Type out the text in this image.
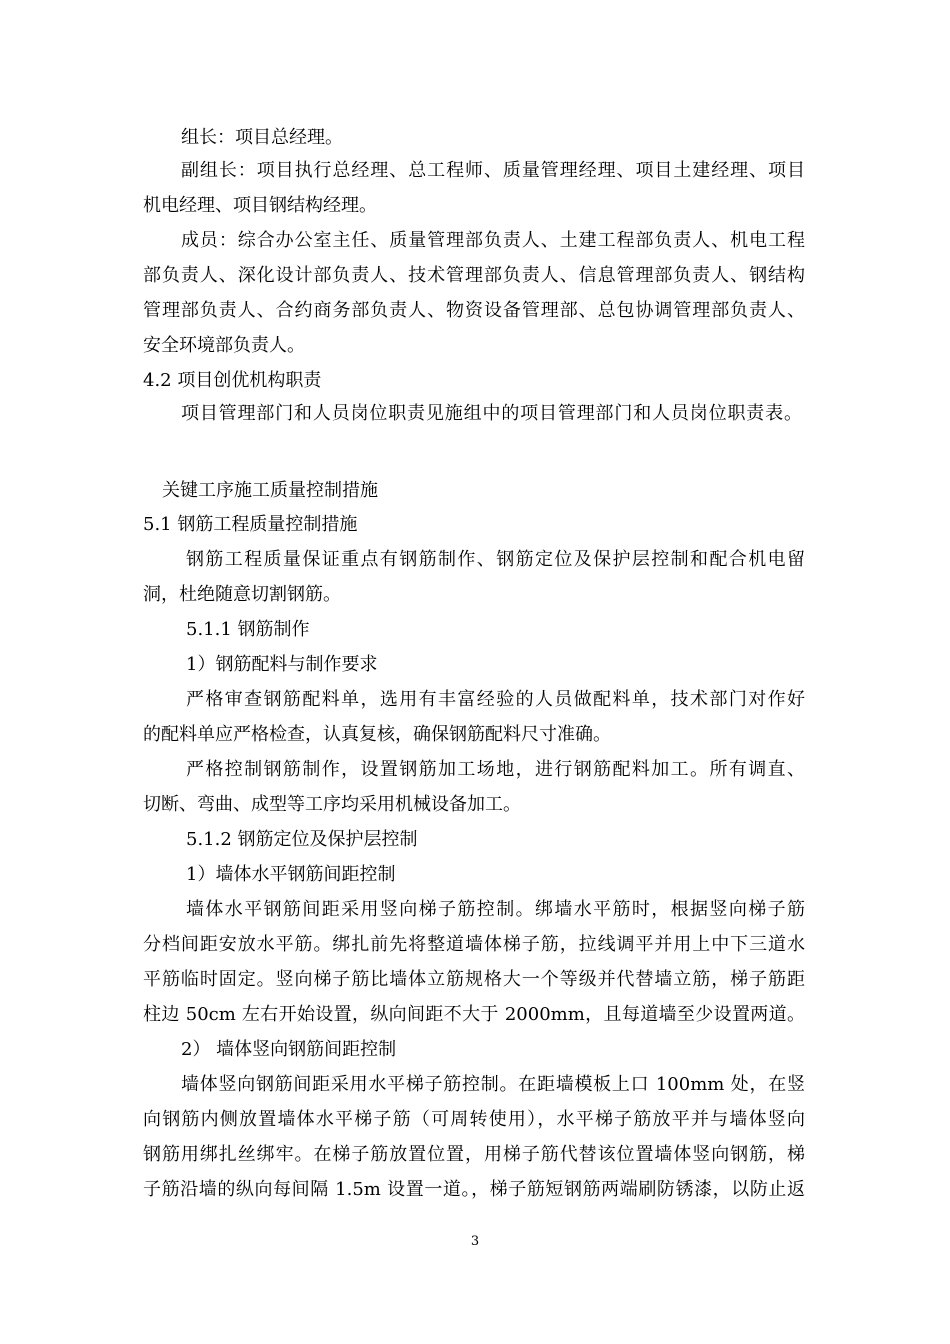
组长：项目总经理。

副组长：项目执行总经理、总工程师、质量管理经理、项目土建经理、项目

机电经理、项目钢结构经理。

成员：综合办公室主任、质量管理部负责人、土建工程部负责人、机电工程

部负责人、深化设计部负责人、技术管理部负责人、信息管理部负责人、钢结构

管理部负责人、合约商务部负责人、物资设备管理部、总包协调管理部负责人、

安全环境部负责人。

4.2 项目创优机构职责

项目管理部门和人员岗位职责见施组中的项目管理部门和人员岗位职责表。

关键工序施工质量控制措施

5.1 钢筋工程质量控制措施

钢筋工程质量保证重点有钢筋制作、钢筋定位及保护层控制和配合机电留

洞，杜绝随意切割钢筋。

5.1.1 钢筋制作

1）钢筋配料与制作要求

严格审查钢筋配料单，选用有丰富经验的人员做配料单，技术部门对作好

的配料单应严格检查，认真复核，确保钢筋配料尺寸准确。

严格控制钢筋制作，设置钢筋加工场地，进行钢筋配料加工。所有调直、

切断、弯曲、成型等工序均采用机械设备加工。

5.1.2 钢筋定位及保护层控制

1）墙体水平钢筋间距控制

墙体水平钢筋间距采用竖向梯子筋控制。绑墙水平筋时，根据竖向梯子筋

分档间距安放水平筋。绑扎前先将整道墙体梯子筋，拉线调平并用上中下三道水

平筋临时固定。竖向梯子筋比墙体立筋规格大一个等级并代替墙立筋，梯子筋距

柱边 50cm 左右开始设置，纵向间距不大于 2000mm，且每道墙至少设置两道。

2） 墙体竖向钢筋间距控制

墙体竖向钢筋间距采用水平梯子筋控制。在距墙模板上口 100mm 处，在竖

向钢筋内侧放置墙体水平梯子筋（可周转使用），水平梯子筋放平并与墙体竖向

钢筋用绑扎丝绑牢。在梯子筋放置位置，用梯子筋代替该位置墙体竖向钢筋，梯

子筋沿墙的纵向每间隔 1.5m 设置一道。，梯子筋短钢筋两端刷防锈漆，以防止返

3
